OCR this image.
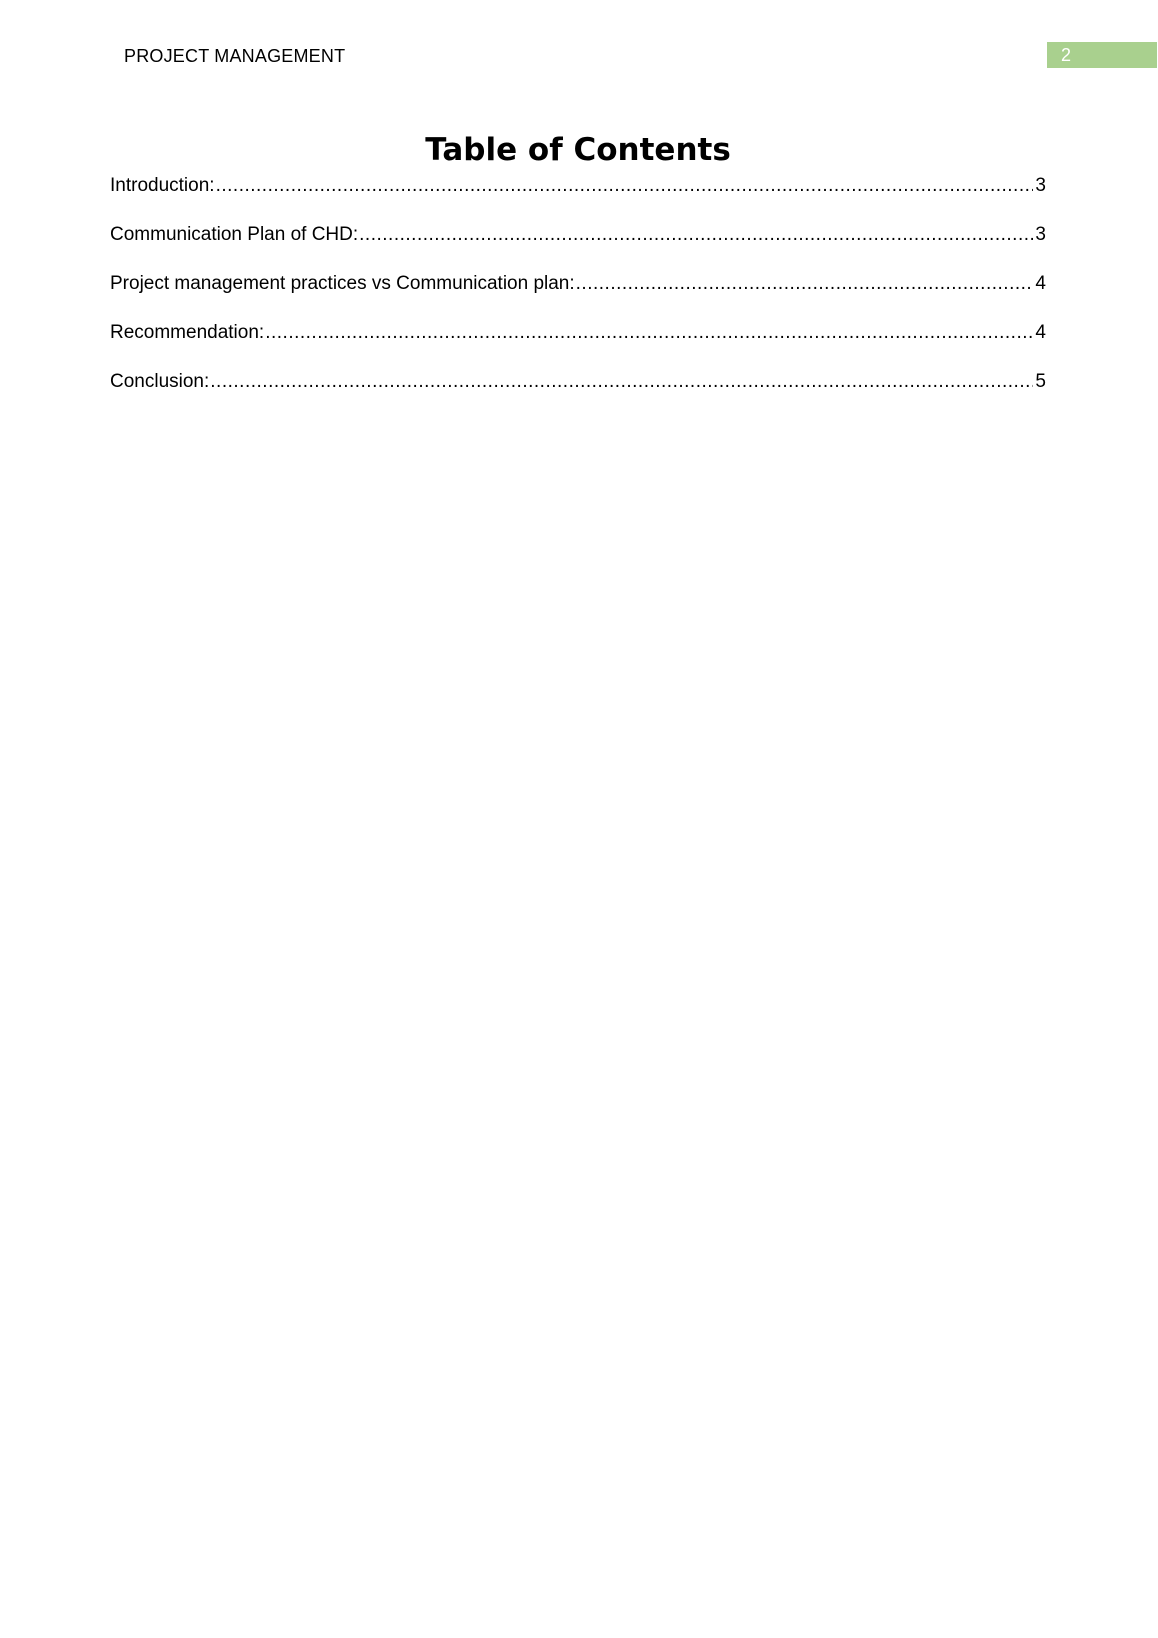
PROJECT MANAGEMENT	2
Table of Contents
Introduction: .....	3
Communication Plan of CHD: .....	3
Project management practices vs Communication plan: .....	4
Recommendation: .....	4
Conclusion: .....	5
